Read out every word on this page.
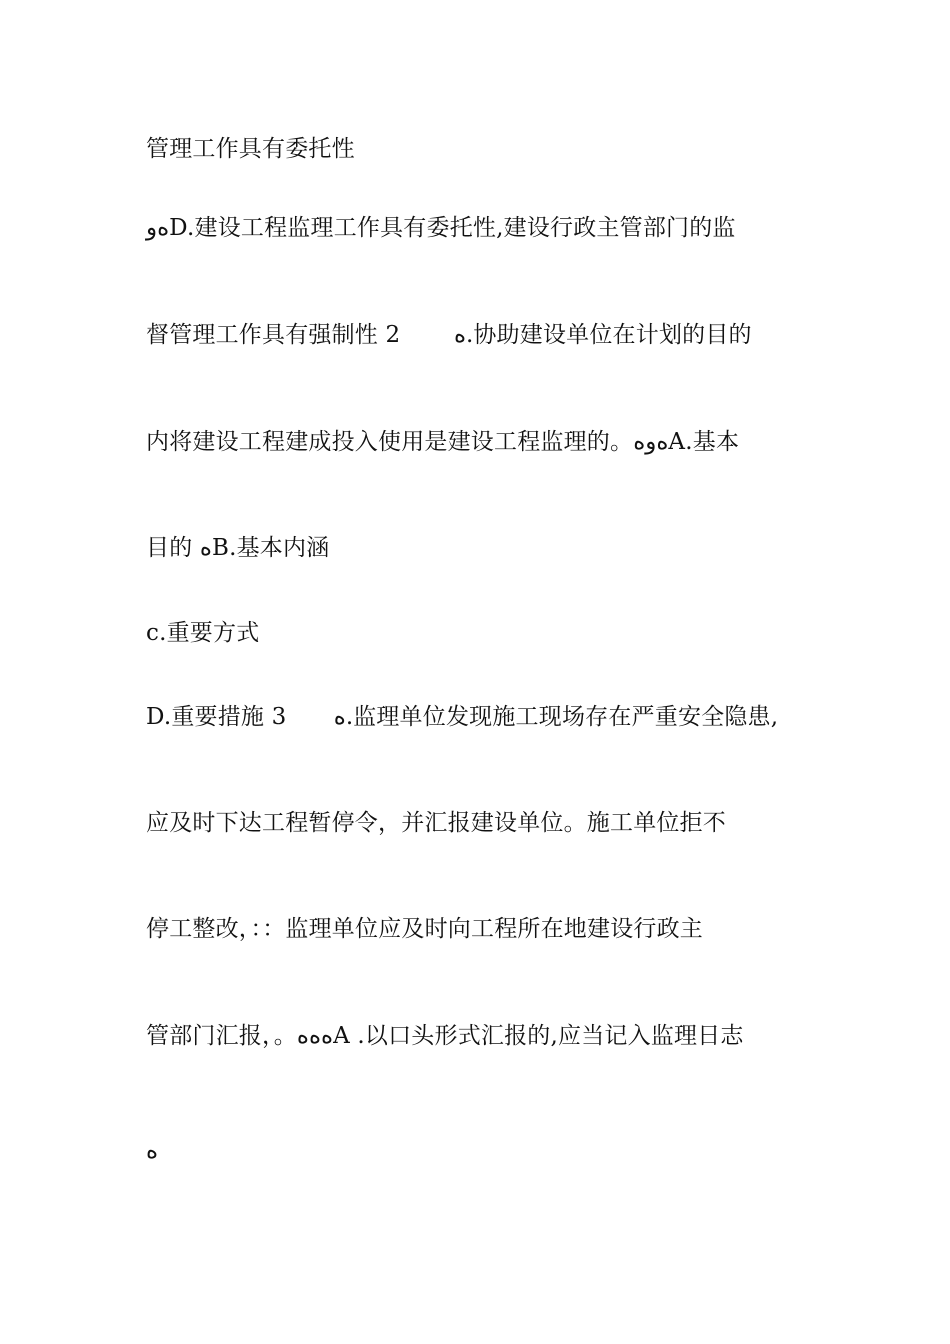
管理工作具有委托性
ﻩﻭD.建设工程监理工作具有委托性,建设行政主管部门的监
督管理工作具有强制性 2	ﻩ.协助建设单位在计划的目的
内将建设工程建成投入使用是建设工程监理的。ﻩﻭﻩA.基本
目的 ﻩB.基本内涵
c.重要方式
D.重要措施 3	ﻩ.监理单位发现施工现场存在严重安全隐患,
应及时下达工程暂停令，并汇报建设单位。施工单位拒不
停工整改，：：监理单位应及时向工程所在地建设行政主
管部门汇报，。ﻩﻩﻩA .以口头形式汇报的,应当记入监理日志
ﻩ
